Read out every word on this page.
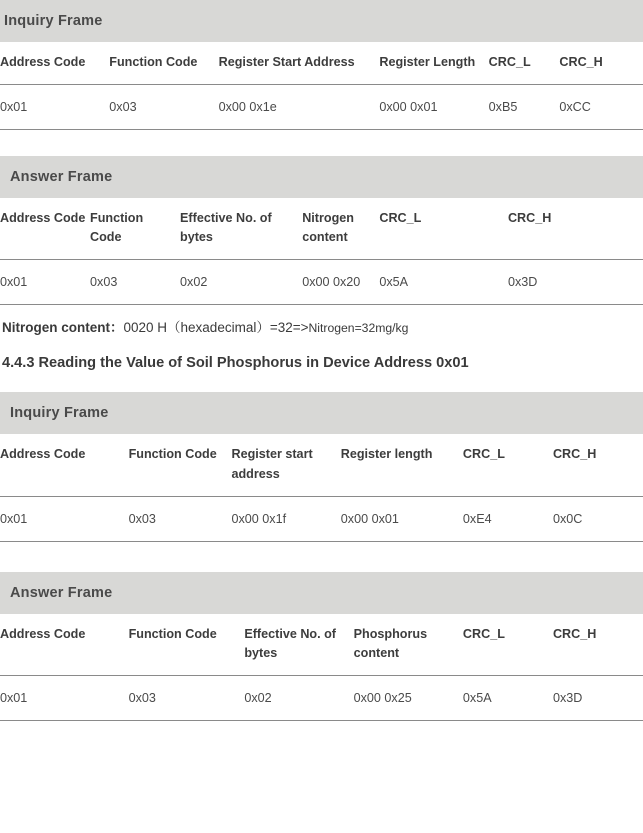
Inquiry Frame
Address Code	Function Code	Register Start Address	Register Length	CRC_L	CRC_H
0x01	0x03	0x00 0x1e	0x00 0x01	0xB5	0xCC
Answer Frame
Address Code	Function Code	Effective No. of bytes	Nitrogen content	CRC_L	CRC_H
0x01	0x03	0x02	0x00 0x20	0x5A	0x3D
Nitrogen content：0020 H（hexadecimal）=32=>Nitrogen=32mg/kg
4.4.3 Reading the Value of Soil Phosphorus in Device Address 0x01
Inquiry Frame
Address Code	Function Code	Register start address	Register length	CRC_L	CRC_H
0x01	0x03	0x00 0x1f	0x00 0x01	0xE4	0x0C
Answer Frame
Address Code	Function Code	Effective No. of bytes	Phosphorus content	CRC_L	CRC_H
0x01	0x03	0x02	0x00 0x25	0x5A	0x3D
